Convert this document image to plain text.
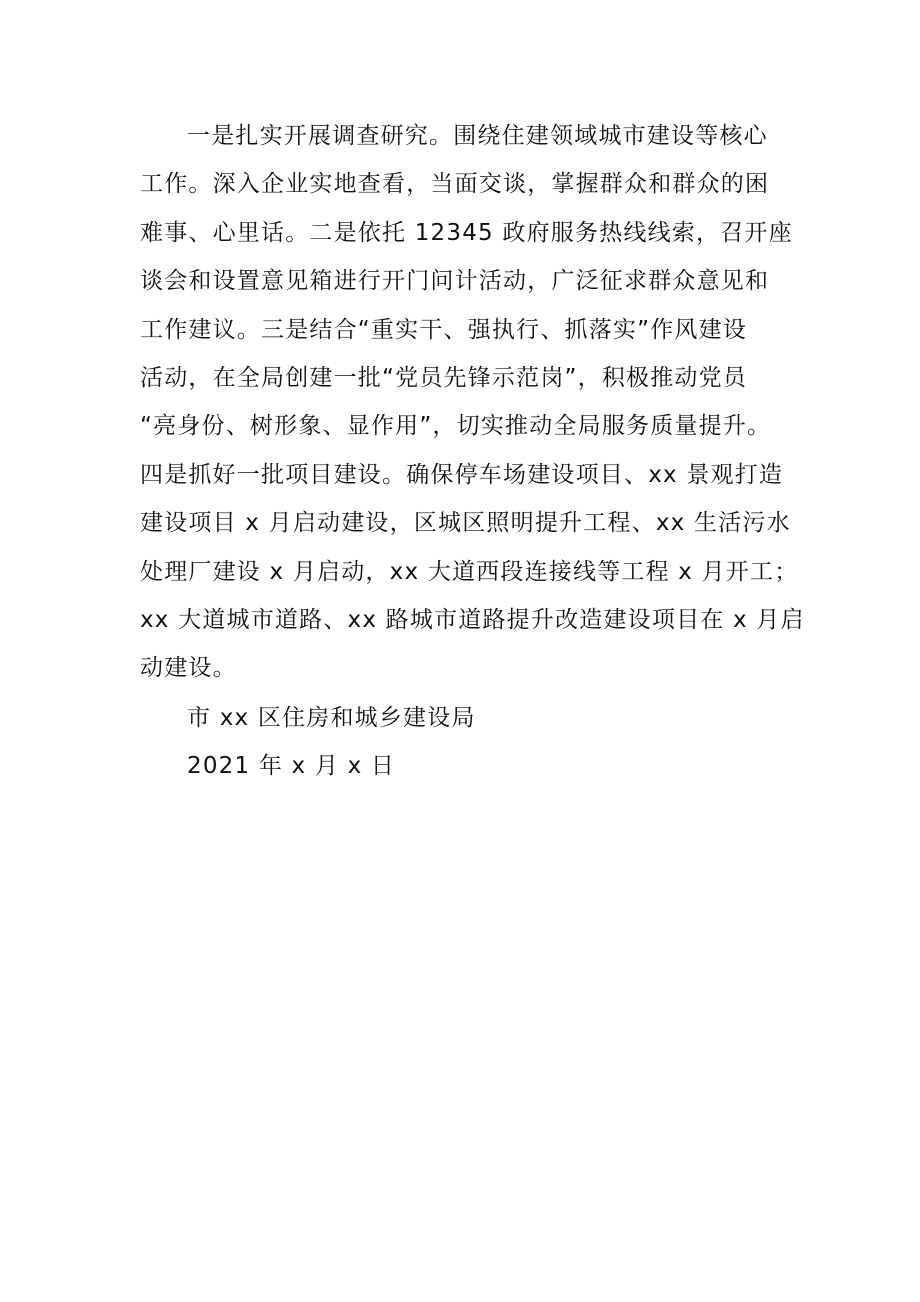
一是扎实开展调查研究。围绕住建领域城市建设等核心
工作。深入企业实地查看，当面交谈，掌握群众和群众的困
难事、心里话。二是依托 12345 政府服务热线线索，召开座
谈会和设置意见箱进行开门问计活动，广泛征求群众意见和
工作建议。三是结合“重实干、强执行、抓落实”作风建设
活动，在全局创建一批“党员先锋示范岗”，积极推动党员
“亮身份、树形象、显作用”，切实推动全局服务质量提升。
四是抓好一批项目建设。确保停车场建设项目、xx 景观打造
建设项目 x 月启动建设，区城区照明提升工程、xx 生活污水
处理厂建设 x 月启动，xx 大道西段连接线等工程 x 月开工；
xx 大道城市道路、xx 路城市道路提升改造建设项目在 x 月启
动建设。
市 xx 区住房和城乡建设局
2021 年 x 月 x 日
